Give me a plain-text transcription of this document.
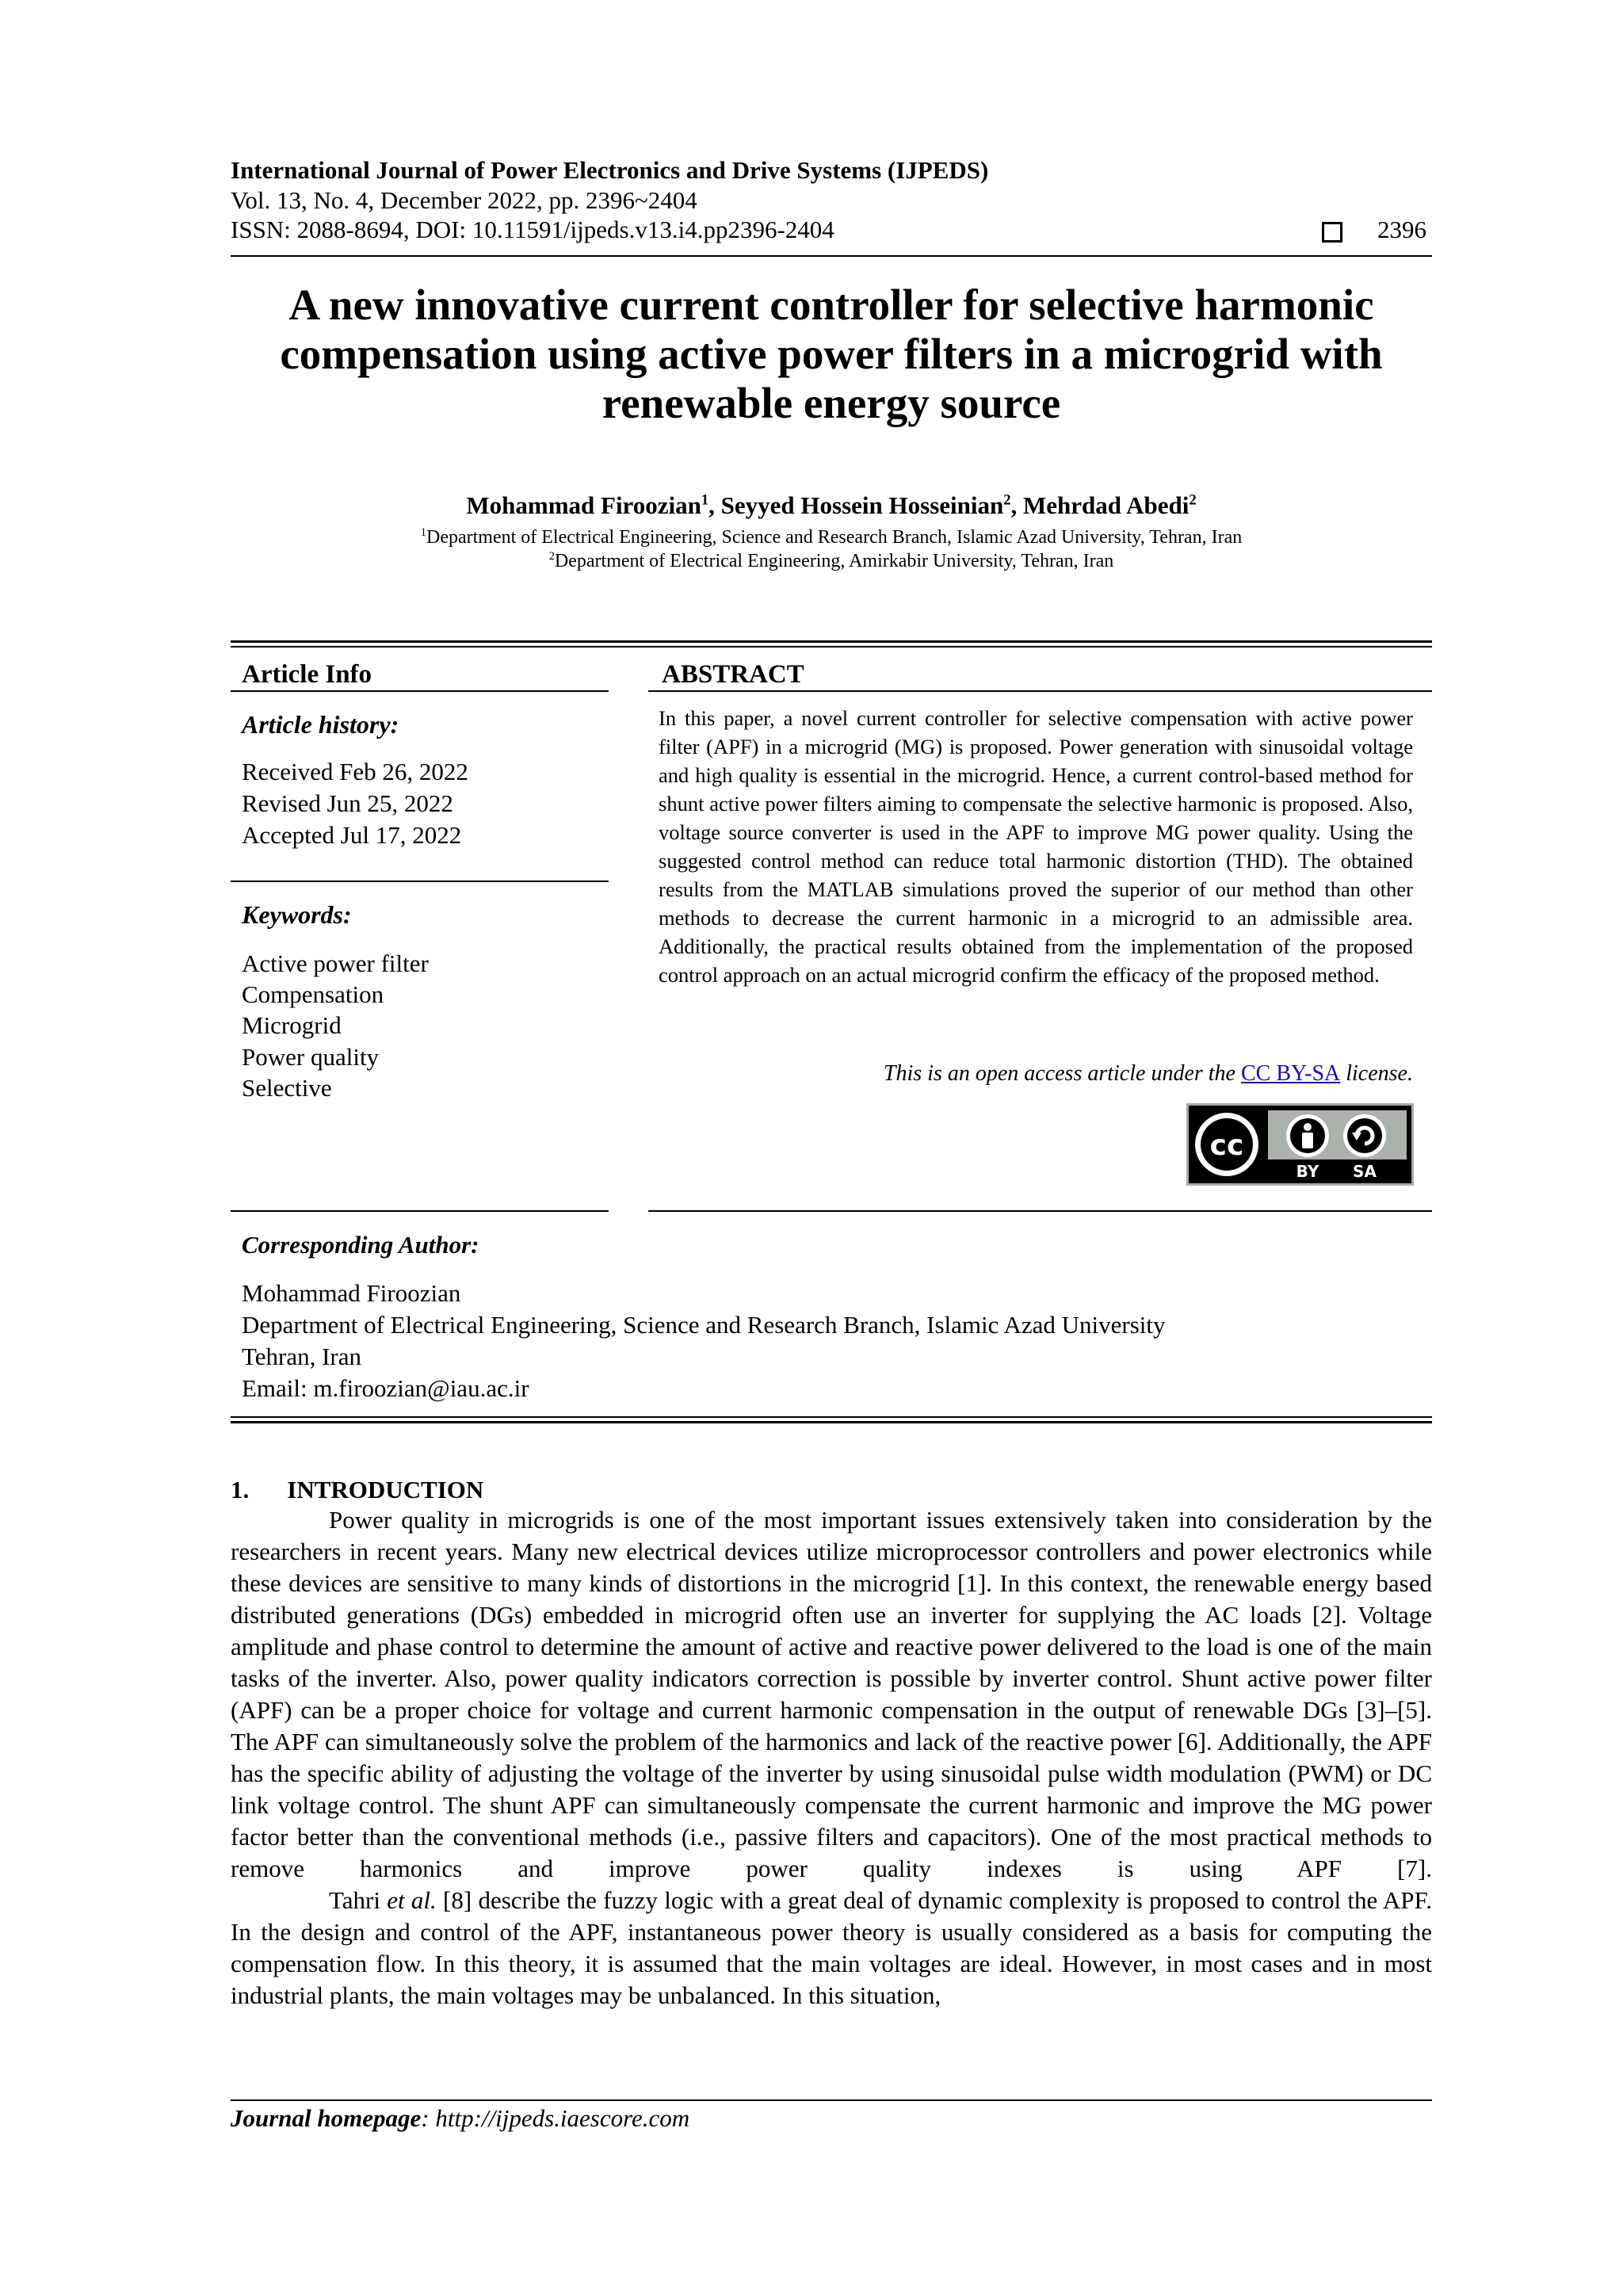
International Journal of Power Electronics and Drive Systems (IJPEDS)
Vol. 13, No. 4, December 2022, pp. 2396~2404
ISSN: 2088-8694, DOI: 10.11591/ijpeds.v13.i4.pp2396-2404	2396
A new innovative current controller for selective harmonic
compensation using active power filters in a microgrid with
renewable energy source
Mohammad Firoozian$^1$, Seyyed Hossein Hosseinian$^2$, Mehrdad Abedi$^2$
$^1$Department of Electrical Engineering, Science and Research Branch, Islamic Azad University, Tehran, Iran
$^2$Department of Electrical Engineering, Amirkabir University, Tehran, Iran
Article Info
Article history:
Received Feb 26, 2022
Revised Jun 25, 2022
Accepted Jul 17, 2022
Keywords:
Active power filter
Compensation
Microgrid
Power quality
Selective
ABSTRACT
In this paper, a novel current controller for selective compensation with active power filter (APF) in a microgrid (MG) is proposed. Power generation with sinusoidal voltage and high quality is essential in the microgrid. Hence, a current control-based method for shunt active power filters aiming to compensate the selective harmonic is proposed. Also, voltage source converter is used in the APF to improve MG power quality. Using the suggested control method can reduce total harmonic distortion (THD). The obtained results from the MATLAB simulations proved the superior of our method than other methods to decrease the current harmonic in a microgrid to an admissible area. Additionally, the practical results obtained from the implementation of the proposed control approach on an actual microgrid confirm the efficacy of the proposed method.
This is an open access article under the CC BY-SA license.
cc
BY SA
Corresponding Author:
Mohammad Firoozian
Department of Electrical Engineering, Science and Research Branch, Islamic Azad University
Tehran, Iran
Email: m.firoozian@iau.ac.ir
1. INTRODUCTION

Power quality in microgrids is one of the most important issues extensively taken into consideration by the researchers in recent years. Many new electrical devices utilize microprocessor controllers and power electronics while these devices are sensitive to many kinds of distortions in the microgrid [1]. In this context, the renewable energy based distributed generations (DGs) embedded in microgrid often use an inverter for supplying the AC loads [2]. Voltage amplitude and phase control to determine the amount of active and reactive power delivered to the load is one of the main tasks of the inverter. Also, power quality indicators correction is possible by inverter control. Shunt active power filter (APF) can be a proper choice for voltage and current harmonic compensation in the output of renewable DGs [3]‒[5]. The APF can simultaneously solve the problem of the harmonics and lack of the reactive power [6]. Additionally, the APF has the specific ability of adjusting the voltage of the inverter by using sinusoidal pulse width modulation (PWM) or DC link voltage control. The shunt APF can simultaneously compensate the current harmonic and improve the MG power factor better than the conventional methods (i.e., passive filters and capacitors). One of the most practical methods to remove harmonics and improve power quality indexes is using APF [7].

Tahri et al. [8] describe the fuzzy logic with a great deal of dynamic complexity is proposed to control the APF. In the design and control of the APF, instantaneous power theory is usually considered as a basis for computing the compensation flow. In this theory, it is assumed that the main voltages are ideal. However, in most cases and in most industrial plants, the main voltages may be unbalanced. In this situation,

Journal homepage: http://ijpeds.iaescore.com
